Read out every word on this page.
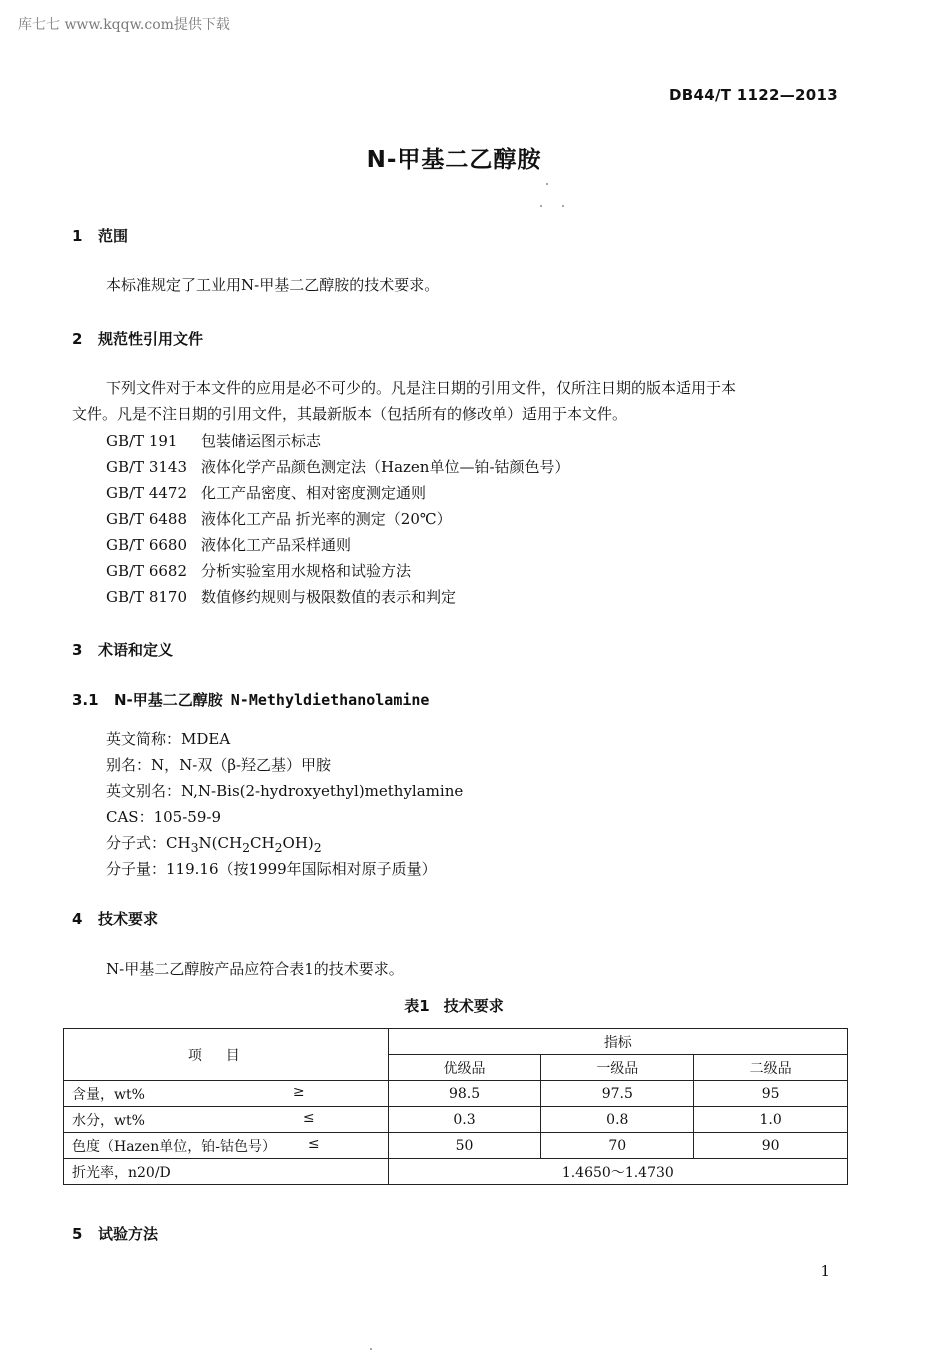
库七七 www.kqqw.com提供下载
DB44/T 1122—2013
N-甲基二乙醇胺
1 范围
本标准规定了工业用N-甲基二乙醇胺的技术要求。
2 规范性引用文件
下列文件对于本文件的应用是必不可少的。凡是注日期的引用文件，仅所注日期的版本适用于本
文件。凡是不注日期的引用文件，其最新版本（包括所有的修改单）适用于本文件。
GB/T 191 包装储运图示标志
GB/T 3143 液体化学产品颜色测定法（Hazen单位—铂-钴颜色号）
GB/T 4472 化工产品密度、相对密度测定通则
GB/T 6488 液体化工产品 折光率的测定（20℃）
GB/T 6680 液体化工产品采样通则
GB/T 6682 分析实验室用水规格和试验方法
GB/T 8170 数值修约规则与极限数值的表示和判定
3 术语和定义
3.1 N-甲基二乙醇胺 N-Methyldiethanolamine
英文简称：MDEA
别名：N，N-双（β-羟乙基）甲胺
英文别名：N,N-Bis(2-hydroxyethyl)methylamine
CAS：105-59-9
分子式：$CH_3N(CH_2CH_2OH)_2$
分子量：119.16（按1999年国际相对原子质量）
4 技术要求
N-甲基二乙醇胺产品应符合表1的技术要求。
表1 技术要求
项目	指标		
	优级品	一级品	二级品

含量，wt% ≥	98.5	97.5	95

水分，wt% ≤	0.3	0.8	1.0

色度（Hazen单位，铂-钴色号） ≤	50	70	90
折光率，n20/D	1.4650～1.4730		
5 试验方法
1
